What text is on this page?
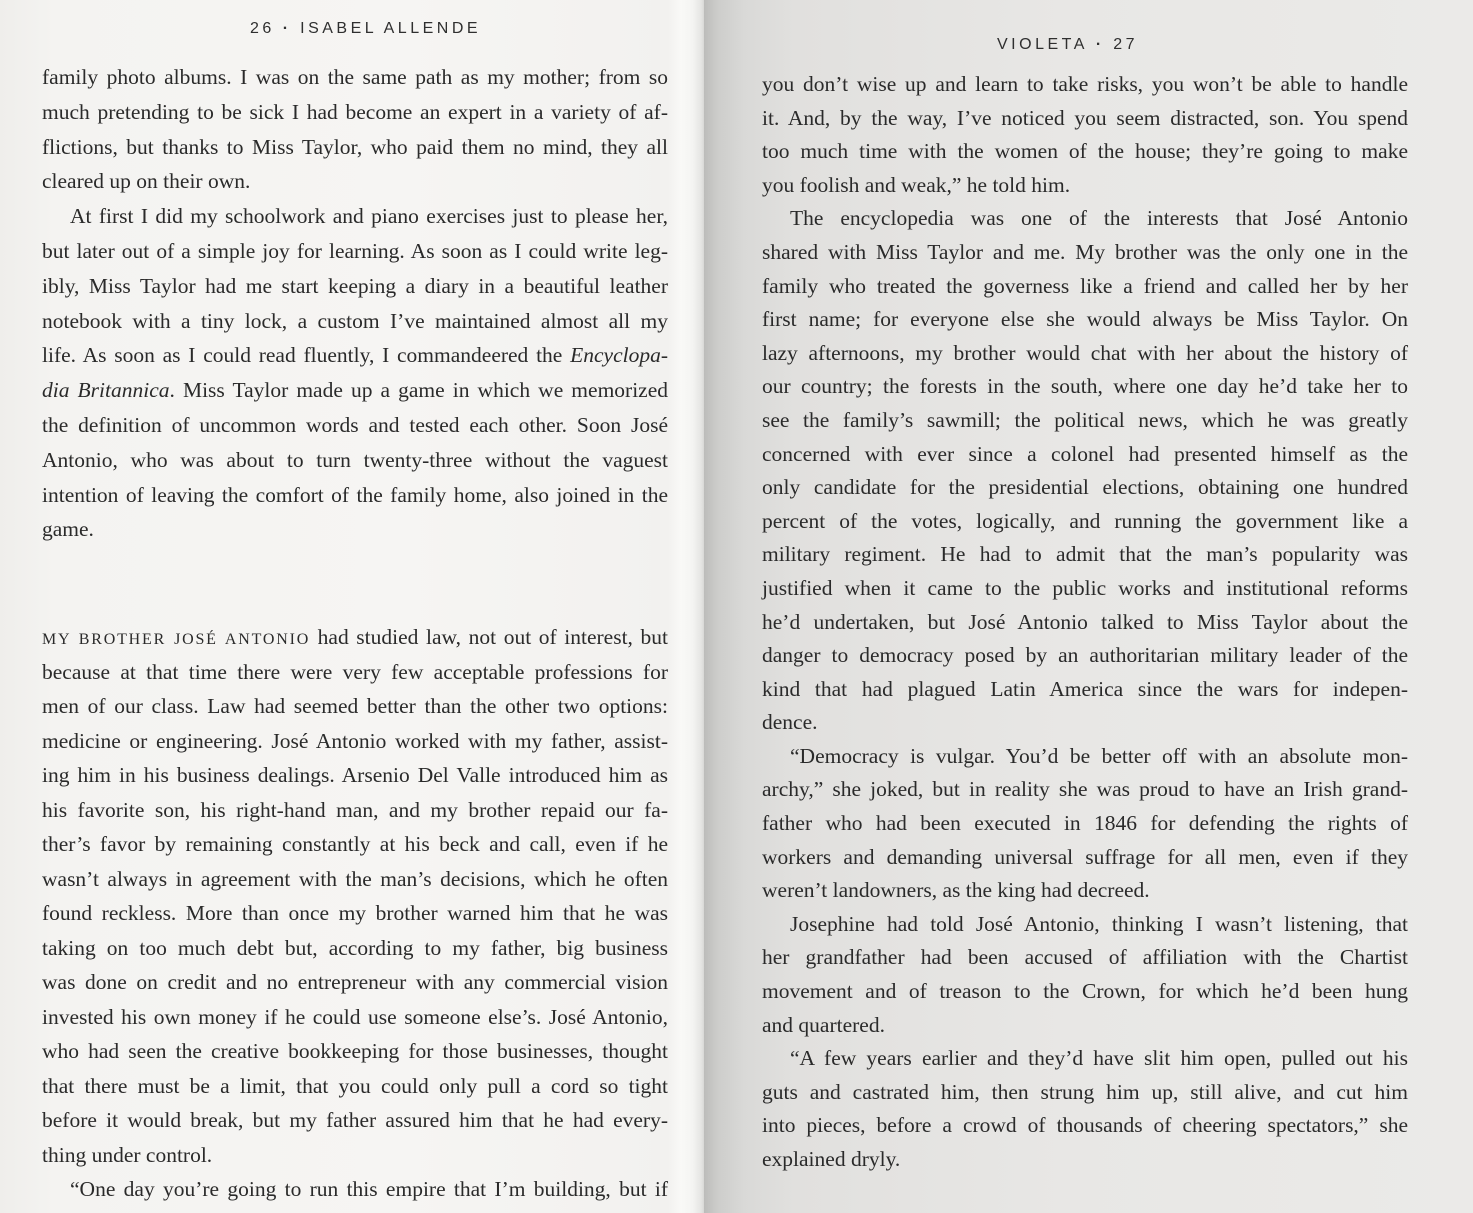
26 · ISABEL ALLENDE
family photo albums. I was on the same path as my mother; from so
much pretending to be sick I had become an expert in a variety of af-
flictions, but thanks to Miss Taylor, who paid them no mind, they all
cleared up on their own.
At first I did my schoolwork and piano exercises just to please her,
but later out of a simple joy for learning. As soon as I could write leg-
ibly, Miss Taylor had me start keeping a diary in a beautiful leather
notebook with a tiny lock, a custom I’ve maintained almost all my
life. As soon as I could read fluently, I commandeered the Encyclopa-
dia Britannica. Miss Taylor made up a game in which we memorized
the definition of uncommon words and tested each other. Soon José
Antonio, who was about to turn twenty-three without the vaguest
intention of leaving the comfort of the family home, also joined in the
game.
MY BROTHER JOSÉ ANTONIO had studied law, not out of interest, but
because at that time there were very few acceptable professions for
men of our class. Law had seemed better than the other two options:
medicine or engineering. José Antonio worked with my father, assist-
ing him in his business dealings. Arsenio Del Valle introduced him as
his favorite son, his right-hand man, and my brother repaid our fa-
ther’s favor by remaining constantly at his beck and call, even if he
wasn’t always in agreement with the man’s decisions, which he often
found reckless. More than once my brother warned him that he was
taking on too much debt but, according to my father, big business
was done on credit and no entrepreneur with any commercial vision
invested his own money if he could use someone else’s. José Antonio,
who had seen the creative bookkeeping for those businesses, thought
that there must be a limit, that you could only pull a cord so tight
before it would break, but my father assured him that he had every-
thing under control.
“One day you’re going to run this empire that I’m building, but if
VIOLETA · 27
you don’t wise up and learn to take risks, you won’t be able to handle
it. And, by the way, I’ve noticed you seem distracted, son. You spend
too much time with the women of the house; they’re going to make
you foolish and weak,” he told him.
The encyclopedia was one of the interests that José Antonio
shared with Miss Taylor and me. My brother was the only one in the
family who treated the governess like a friend and called her by her
first name; for everyone else she would always be Miss Taylor. On
lazy afternoons, my brother would chat with her about the history of
our country; the forests in the south, where one day he’d take her to
see the family’s sawmill; the political news, which he was greatly
concerned with ever since a colonel had presented himself as the
only candidate for the presidential elections, obtaining one hundred
percent of the votes, logically, and running the government like a
military regiment. He had to admit that the man’s popularity was
justified when it came to the public works and institutional reforms
he’d undertaken, but José Antonio talked to Miss Taylor about the
danger to democracy posed by an authoritarian military leader of the
kind that had plagued Latin America since the wars for indepen-
dence.
“Democracy is vulgar. You’d be better off with an absolute mon-
archy,” she joked, but in reality she was proud to have an Irish grand-
father who had been executed in 1846 for defending the rights of
workers and demanding universal suffrage for all men, even if they
weren’t landowners, as the king had decreed.
Josephine had told José Antonio, thinking I wasn’t listening, that
her grandfather had been accused of affiliation with the Chartist
movement and of treason to the Crown, for which he’d been hung
and quartered.
“A few years earlier and they’d have slit him open, pulled out his
guts and castrated him, then strung him up, still alive, and cut him
into pieces, before a crowd of thousands of cheering spectators,” she
explained dryly.
